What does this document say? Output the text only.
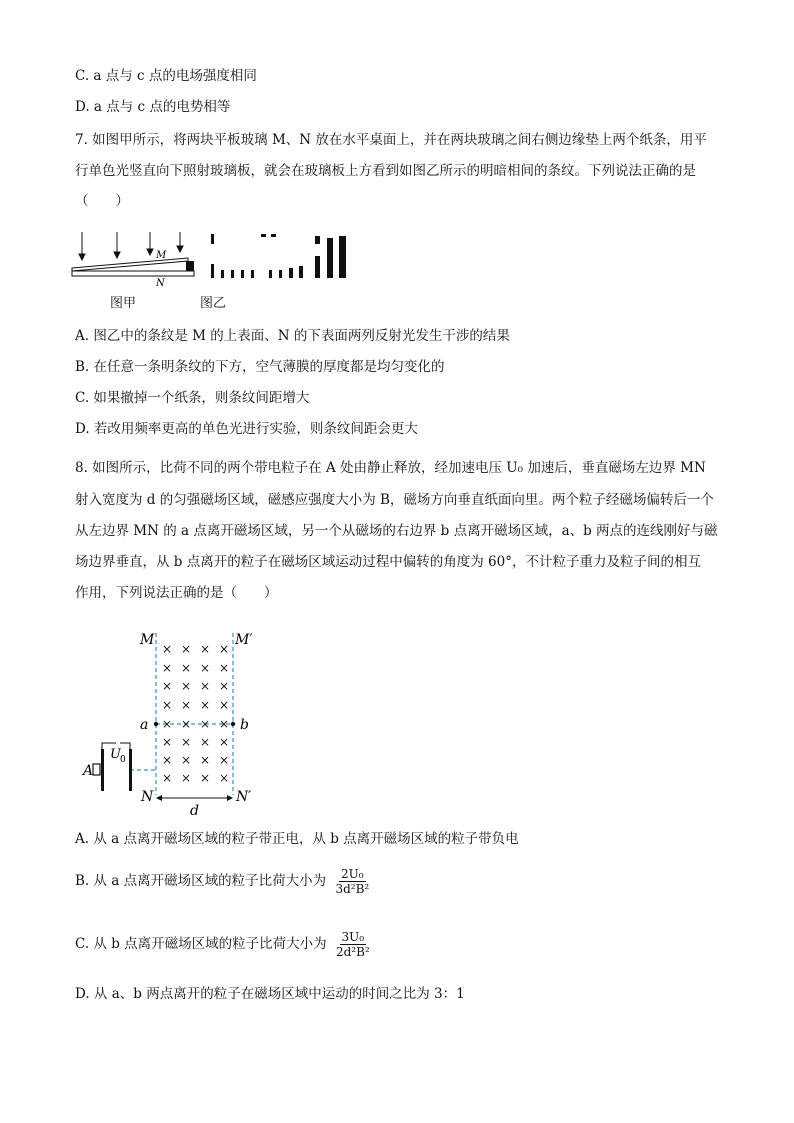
C. a 点与 c 点的电场强度相同
D. a 点与 c 点的电势相等
7. 如图甲所示，将两块平板玻璃 M、N 放在水平桌面上，并在两块玻璃之间右侧边缘垫上两个纸条，用平
行单色光竖直向下照射玻璃板，就会在玻璃板上方看到如图乙所示的明暗相间的条纹。下列说法正确的是
（　　）
M
N
图甲	图乙
A. 图乙中的条纹是 M 的上表面、N 的下表面两列反射光发生干涉的结果
B. 在任意一条明条纹的下方，空气薄膜的厚度都是均匀变化的
C. 如果撤掉一个纸条，则条纹间距增大
D. 若改用频率更高的单色光进行实验，则条纹间距会更大
8. 如图所示，比荷不同的两个带电粒子在 A 处由静止释放，经加速电压 U₀ 加速后，垂直磁场左边界 MN
射入宽度为 d 的匀强磁场区域，磁感应强度大小为 B，磁场方向垂直纸面向里。两个粒子经磁场偏转后一个
从左边界 MN 的 a 点离开磁场区域，另一个从磁场的右边界 b 点离开磁场区域，a、b 两点的连线刚好与磁
场边界垂直，从 b 点离开的粒子在磁场区域运动过程中偏转的角度为 60°，不计粒子重力及粒子间的相互
作用，下列说法正确的是（　　）
× × × ×
× × × ×
× × × ×
× × × ×
× × × ×
× × × ×
× × × ×
× × × ×
M	M′
a	b
A
U 0
N	N′
d
A. 从 a 点离开磁场区域的粒子带正电，从 b 点离开磁场区域的粒子带负电
B. 从 a 点离开磁场区域的粒子比荷大小为 $\frac{\text{2U₀}}{\text{3d²B²}}$
C. 从 b 点离开磁场区域的粒子比荷大小为 $\frac{\text{3U₀}}{\text{2d²B²}}$
D. 从 a、b 两点离开的粒子在磁场区域中运动的时间之比为 3：1
